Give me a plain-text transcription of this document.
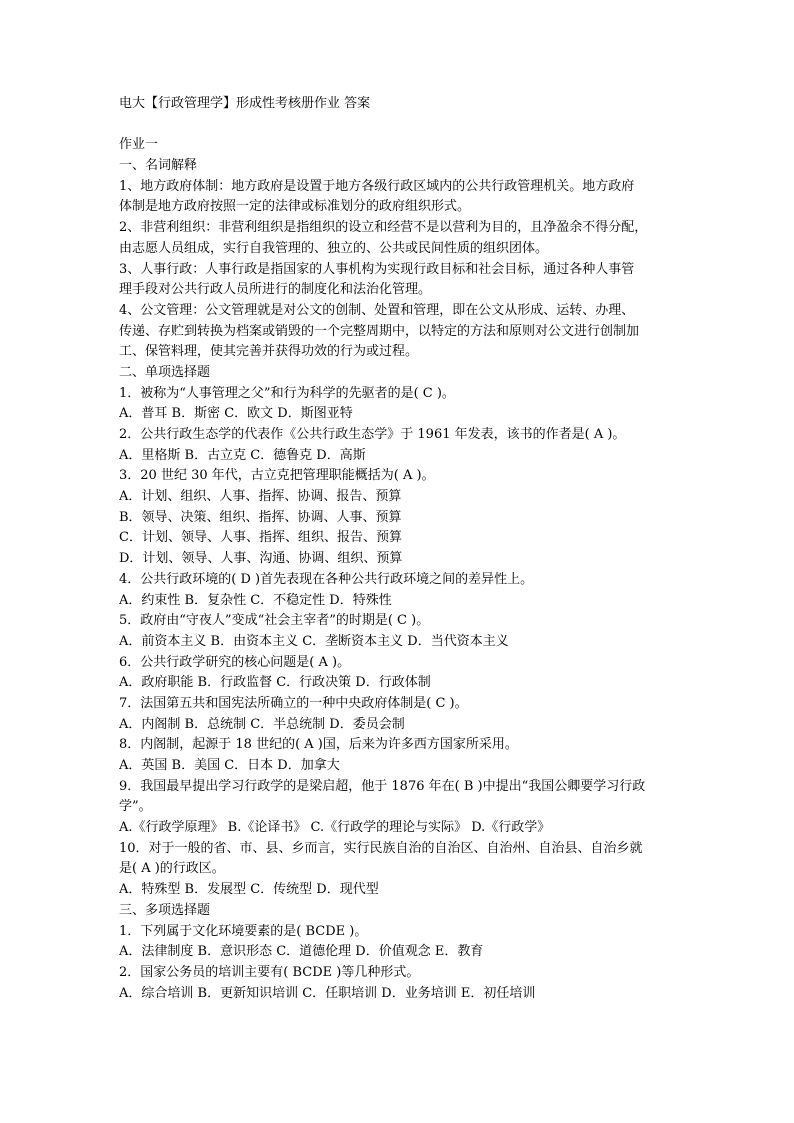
电大【行政管理学】形成性考核册作业 答案
作业一
一、名词解释
1、地方政府体制：地方政府是设置于地方各级行政区域内的公共行政管理机关。地方政府
体制是地方政府按照一定的法律或标准划分的政府组织形式。
2、非营利组织：非营利组织是指组织的设立和经营不是以营利为目的，且净盈余不得分配，
由志愿人员组成，实行自我管理的、独立的、公共或民间性质的组织团体。
3、人事行政：人事行政是指国家的人事机构为实现行政目标和社会目标，通过各种人事管
理手段对公共行政人员所进行的制度化和法治化管理。
4、公文管理：公文管理就是对公文的创制、处置和管理，即在公文从形成、运转、办理、
传递、存贮到转换为档案或销毁的一个完整周期中，以特定的方法和原则对公文进行创制加
工、保管料理，使其完善并获得功效的行为或过程。
二、单项选择题
1．被称为“人事管理之父”和行为科学的先驱者的是( C )。
A．普耳 B．斯密 C．欧文 D．斯图亚特
2．公共行政生态学的代表作《公共行政生态学》于 1961 年发表，该书的作者是( A )。
A．里格斯 B．古立克 C．德鲁克 D．高斯
3．20 世纪 30 年代，古立克把管理职能概括为( A )。
A．计划、组织、人事、指挥、协调、报告、预算
B．领导、决策、组织、指挥、协调、人事、预算
C．计划、领导、人事、指挥、组织、报告、预算
D．计划、领导、人事、沟通、协调、组织、预算
4．公共行政环境的( D )首先表现在各种公共行政环境之间的差异性上。
A．约束性 B．复杂性 C．不稳定性 D．特殊性
5．政府由“守夜人”变成“社会主宰者”的时期是( C )。
A．前资本主义 B．由资本主义 C．垄断资本主义 D．当代资本主义
6．公共行政学研究的核心问题是( A )。
A．政府职能 B．行政监督 C．行政决策 D．行政体制
7．法国第五共和国宪法所确立的一种中央政府体制是( C )。
A．内阁制 B．总统制 C．半总统制 D．委员会制
8．内阁制，起源于 18 世纪的( A )国，后来为许多西方国家所采用。
A．英国 B．美国 C．日本 D．加拿大
9．我国最早提出学习行政学的是梁启超，他于 1876 年在( B )中提出“我国公卿要学习行政
学”。
A.《行政学原理》 B.《论译书》 C.《行政学的理论与实际》 D.《行政学》
10．对于一般的省、市、县、乡而言，实行民族自治的自治区、自治州、自治县、自治乡就
是( A )的行政区。
A．特殊型 B．发展型 C．传统型 D．现代型
三、多项选择题
1．下列属于文化环境要素的是( BCDE )。
A．法律制度 B．意识形态 C．道德伦理 D．价值观念 E．教育
2．国家公务员的培训主要有( BCDE )等几种形式。
A．综合培训 B．更新知识培训 C．任职培训 D．业务培训 E．初任培训
